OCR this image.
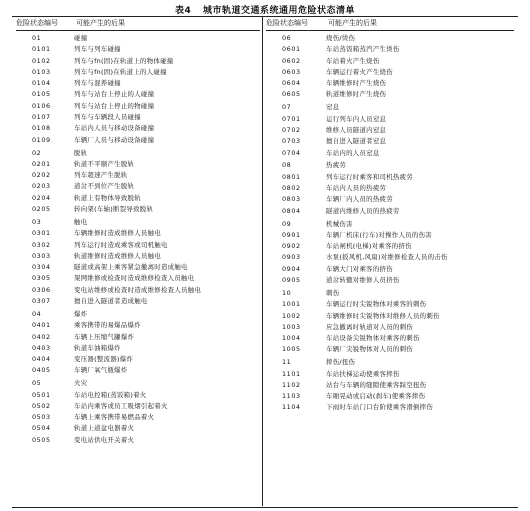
表4 城市轨道交通系统通用危险状态清单
危险状态编号	可能产生的后果
01	碰撞
0101	列车与列车碰撞
0102	列车与fn(固)在轨道上的物体碰撞
0103	列车与fn(固)在轨道上的人碰撞
0104	列车与混养碰撞
0105	列车与站台上停止的人碰撞
0106	列车与站台上停止的物碰撞
0107	列车与车辆段人员碰撞
0108	车站内人员与移动设备碰撞
0109	车辆厂人员与移动设备碰撞
02	脱轨
0201	轨道不平顺产生脱轨
0202	列车超速产生脱轨
0203	道岔不到位产生脱轨
0204	轨道上有物体导致脱轨
0205	转向架(车轴)断裂导致脱轨
03	触电
0301	车辆维修时造成维修人员触电
0302	列车运行时造成乘客或司机触电
0303	轨道维修时造成维修人员触电
0304	隧道或高架上乘客紧急撤离时造成触电
0305	架网维修或检查时造成维修检查人员触电
0306	变电站维修或检查时造成维修检查人员触电
0307	擅自进入隧道者造成触电
04	爆炸
0401	乘客携带的易爆品爆炸
0402	车辆上压缩气罐爆炸
0403	轨道车油箱爆炸
0404	变压器(整流器)爆炸
0405	车辆厂氧气瓶爆炸
05	火灾
0501	车站电控箱(蒸饭箱)着火
0502	车站内乘客或员工吸烟引起着火
0503	车辆上乘客携带易燃品着火
0504	轨道上道盆电器着火
0505	变电站供电开关着火
危险状态编号	可能产生的后果
06	烧伤/烫伤
0601	车站蒸饭箱蒸汽产生烫伤
0602	车站着火产生烧伤
0603	车辆运行着火产生烧伤
0604	车辆维修时产生烧伤
0605	轨道维修时产生烧伤
07	窒息
0701	运行列车内人员窒息
0702	维修人员隧道内窒息
0703	擅自进入隧道者窒息
0704	车站内的人员窒息
08	热疲劳
0801	列车运行时乘客和司机热疲劳
0802	车站内人员的热疲劳
0803	车辆厂内人员的热疲劳
0804	隧道内维修人员的热疲劳
09	机械伤害
0901	车辆厂机床(行车)对操作人员的伤害
0902	车站闸机(电梯)对乘客的挤伤
0903	水泵(扳风机,风扇)对维修检查人员的击伤
0904	车辆大门对乘客的挤伤
0905	道岔转辙对维修人员挤伤
10	刺伤
1001	车辆运行时尖锐物体对乘客的刺伤
1002	车辆维修时尖锐物体对维修人员的刺伤
1003	应急撤离时轨道对人员的刺伤
1004	车站设备尖锐物体对乘客的刺伤
1005	车辆厂尖锐物体对人员的刺伤
11	摔伤/扭伤
1101	车站扶梯运动使乘客摔伤
1102	站台与车辆的缝隙使乘客踩空扭伤
1103	车厢晃动或启动(刹车)使乘客摔伤
1104	下雨时车站门口台阶使乘客滑倒摔伤
